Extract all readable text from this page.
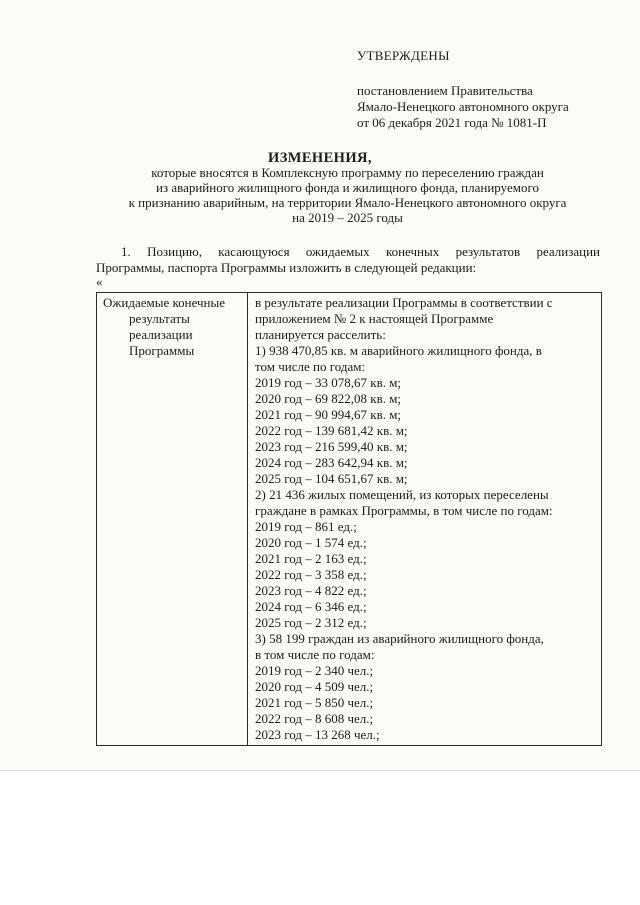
УТВЕРЖДЕНЫ
постановлением Правительства
Ямало-Ненецкого автономного округа
от 06 декабря 2021 года № 1081-П
ИЗМЕНЕНИЯ,
которые вносятся в Комплексную программу по переселению граждан
из аварийного жилищного фонда и жилищного фонда, планируемого
к признанию аварийным, на территории Ямало-Ненецкого автономного округа
на 2019 – 2025 годы
1. Позицию, касающуюся ожидаемых конечных результатов реализации
Программы, паспорта Программы изложить в следующей редакции:
«
Ожидаемые конечные
результаты
реализации
Программы

в результате реализации Программы в соответствии с
приложением № 2 к настоящей Программе
планируется расселить:
1) 938 470,85 кв. м аварийного жилищного фонда, в
том числе по годам:
2019 год – 33 078,67 кв. м;
2020 год – 69 822,08 кв. м;
2021 год – 90 994,67 кв. м;
2022 год – 139 681,42 кв. м;
2023 год – 216 599,40 кв. м;
2024 год – 283 642,94 кв. м;
2025 год – 104 651,67 кв. м;
2) 21 436 жилых помещений, из которых переселены
граждане в рамках Программы, в том числе по годам:
2019 год – 861 ед.;
2020 год – 1 574 ед.;
2021 год – 2 163 ед.;
2022 год – 3 358 ед.;
2023 год – 4 822 ед.;
2024 год – 6 346 ед.;
2025 год – 2 312 ед.;
3) 58 199 граждан из аварийного жилищного фонда,
в том числе по годам:
2019 год – 2 340 чел.;
2020 год – 4 509 чел.;
2021 год – 5 850 чел.;
2022 год – 8 608 чел.;
2023 год – 13 268 чел.;
